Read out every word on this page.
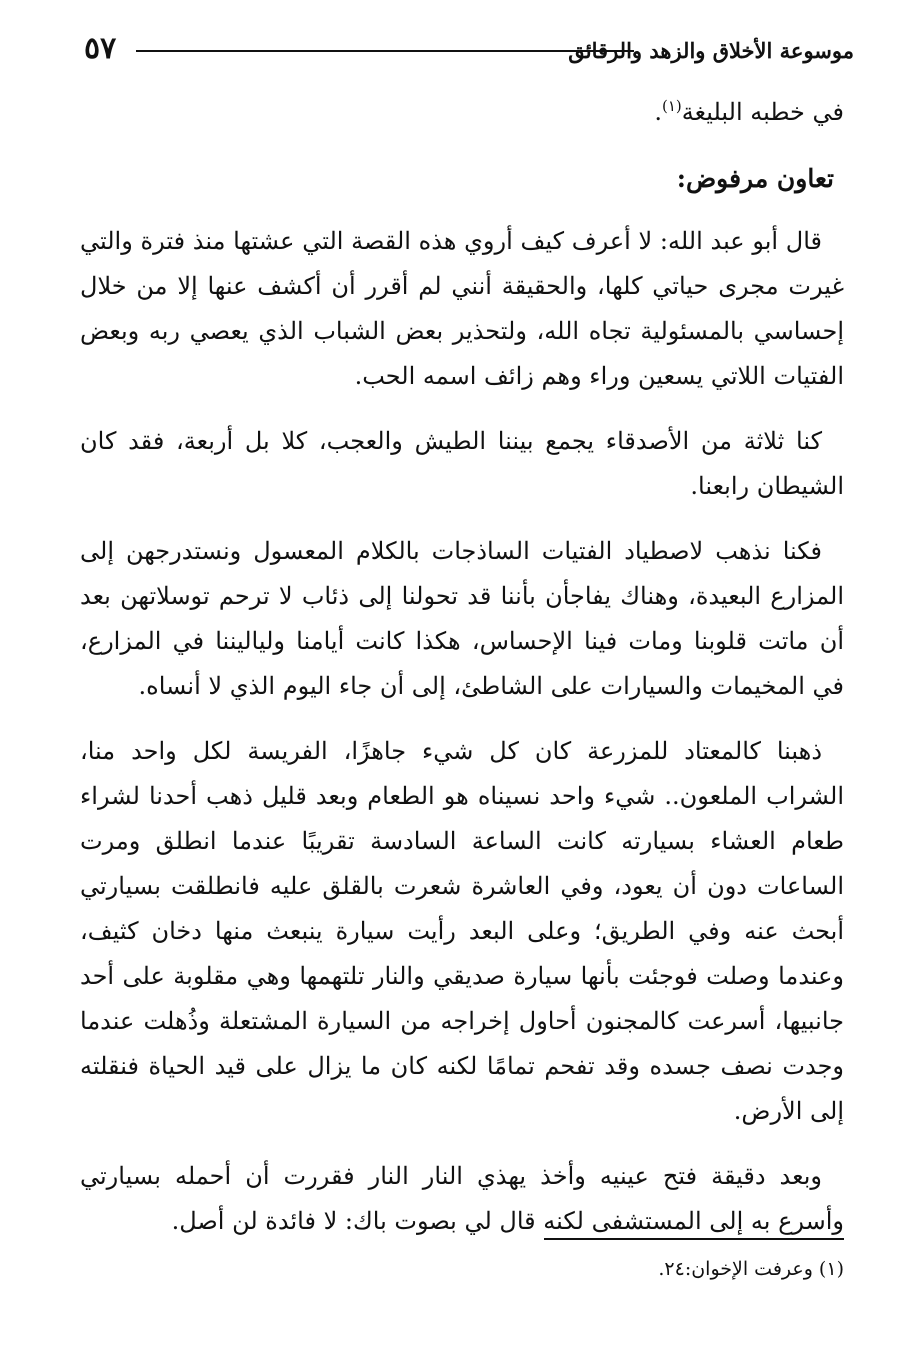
٥٧	موسوعة الأخلاق والزهد والرقائق

في خطبه البليغة$^{(١)}$.

تعاون مرفوض:

قال أبو عبد الله: لا أعرف كيف أروي هذه القصة التي عشتها منذ فترة والتي غيرت مجرى حياتي كلها، والحقيقة أنني لم أقرر أن أكشف عنها إلا من خلال إحساسي بالمسئولية تجاه الله، ولتحذير بعض الشباب الذي يعصي ربه وبعض الفتيات اللاتي يسعين وراء وهم زائف اسمه الحب.

كنا ثلاثة من الأصدقاء يجمع بيننا الطيش والعجب، كلا بل أربعة، فقد كان الشيطان رابعنا.

فكنا نذهب لاصطياد الفتيات الساذجات بالكلام المعسول ونستدرجهن إلى المزارع البعيدة، وهناك يفاجأن بأننا قد تحولنا إلى ذئاب لا ترحم توسلاتهن بعد أن ماتت قلوبنا ومات فينا الإحساس، هكذا كانت أيامنا ولياليننا في المزارع، في المخيمات والسيارات على الشاطئ، إلى أن جاء اليوم الذي لا أنساه.

ذهبنا كالمعتاد للمزرعة كان كل شيء جاهزًا، الفريسة لكل واحد منا، الشراب الملعون.. شيء واحد نسيناه هو الطعام وبعد قليل ذهب أحدنا لشراء طعام العشاء بسيارته كانت الساعة السادسة تقريبًا عندما انطلق ومرت الساعات دون أن يعود، وفي العاشرة شعرت بالقلق عليه فانطلقت بسيارتي أبحث عنه وفي الطريق؛ وعلى البعد رأيت سيارة ينبعث منها دخان كثيف، وعندما وصلت فوجئت بأنها سيارة صديقي والنار تلتهمها وهي مقلوبة على أحد جانبيها، أسرعت كالمجنون أحاول إخراجه من السيارة المشتعلة وذُهلت عندما وجدت نصف جسده وقد تفحم تمامًا لكنه كان ما يزال على قيد الحياة فنقلته إلى الأرض.

وبعد دقيقة فتح عينيه وأخذ يهذي النار النار فقررت أن أحمله بسيارتي وأسرع به إلى المستشفى لكنه قال لي بصوت باك: لا فائدة لن أصل.

(١) وعرفت الإخوان:٢٤.
